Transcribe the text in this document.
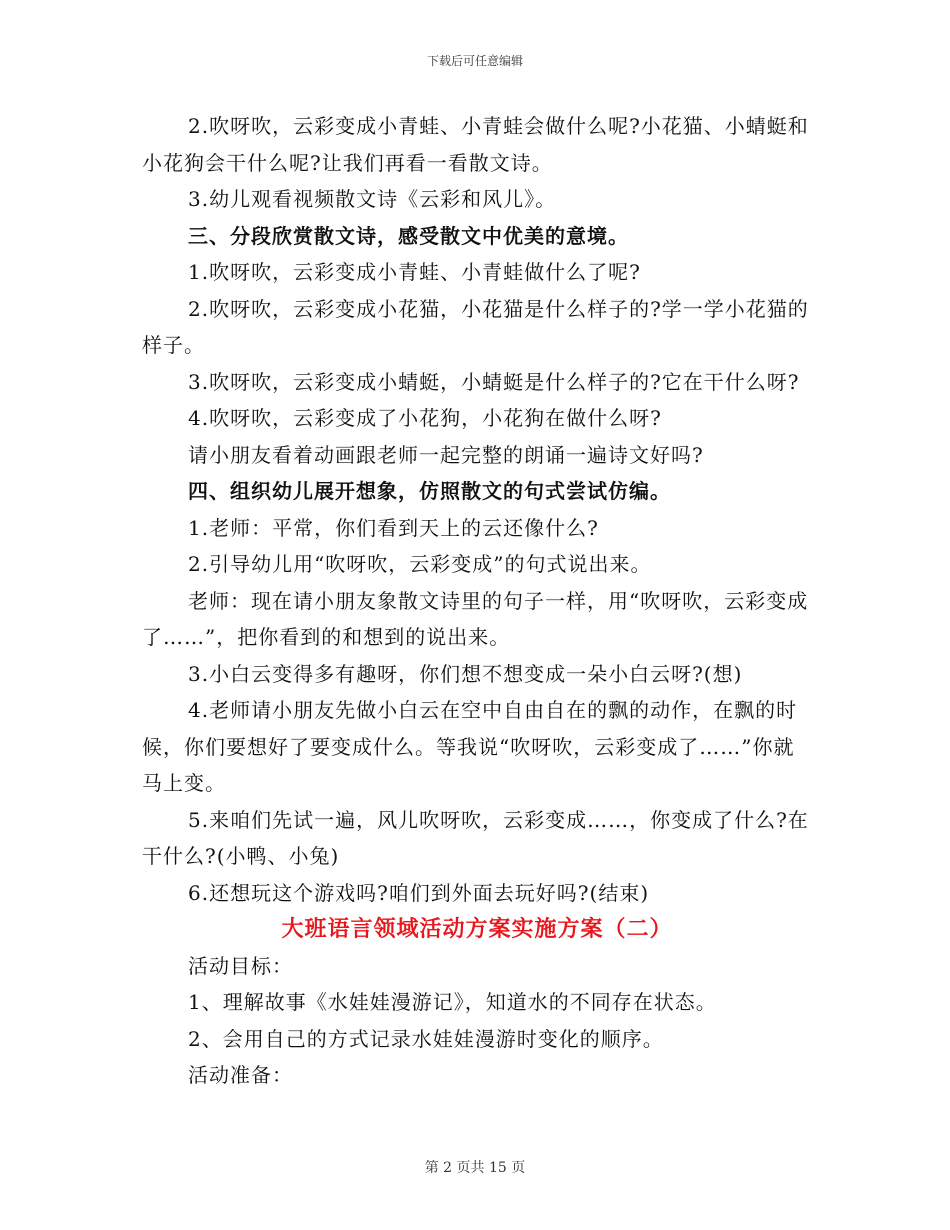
下载后可任意编辑

2.吹呀吹，云彩变成小青蛙、小青蛙会做什么呢?小花猫、小蜻蜓和小花狗会干什么呢?让我们再看一看散文诗。

3.幼儿观看视频散文诗《云彩和风儿》。

三、分段欣赏散文诗，感受散文中优美的意境。

1.吹呀吹，云彩变成小青蛙、小青蛙做什么了呢?

2.吹呀吹，云彩变成小花猫，小花猫是什么样子的?学一学小花猫的样子。

3.吹呀吹，云彩变成小蜻蜓，小蜻蜓是什么样子的?它在干什么呀?

4.吹呀吹，云彩变成了小花狗，小花狗在做什么呀?

请小朋友看着动画跟老师一起完整的朗诵一遍诗文好吗?

四、组织幼儿展开想象，仿照散文的句式尝试仿编。

1.老师：平常，你们看到天上的云还像什么?

2.引导幼儿用“吹呀吹，云彩变成”的句式说出来。

老师：现在请小朋友象散文诗里的句子一样，用“吹呀吹，云彩变成了……”，把你看到的和想到的说出来。

3.小白云变得多有趣呀，你们想不想变成一朵小白云呀?(想)

4.老师请小朋友先做小白云在空中自由自在的飘的动作，在飘的时候，你们要想好了要变成什么。等我说“吹呀吹，云彩变成了……”你就马上变。

5.来咱们先试一遍，风儿吹呀吹，云彩变成……，你变成了什么?在干什么?(小鸭、小兔)

6.还想玩这个游戏吗?咱们到外面去玩好吗?(结束)

大班语言领域活动方案实施方案（二）

活动目标：

1、理解故事《水娃娃漫游记》，知道水的不同存在状态。

2、会用自己的方式记录水娃娃漫游时变化的顺序。

活动准备：

第 2 页共 15 页
